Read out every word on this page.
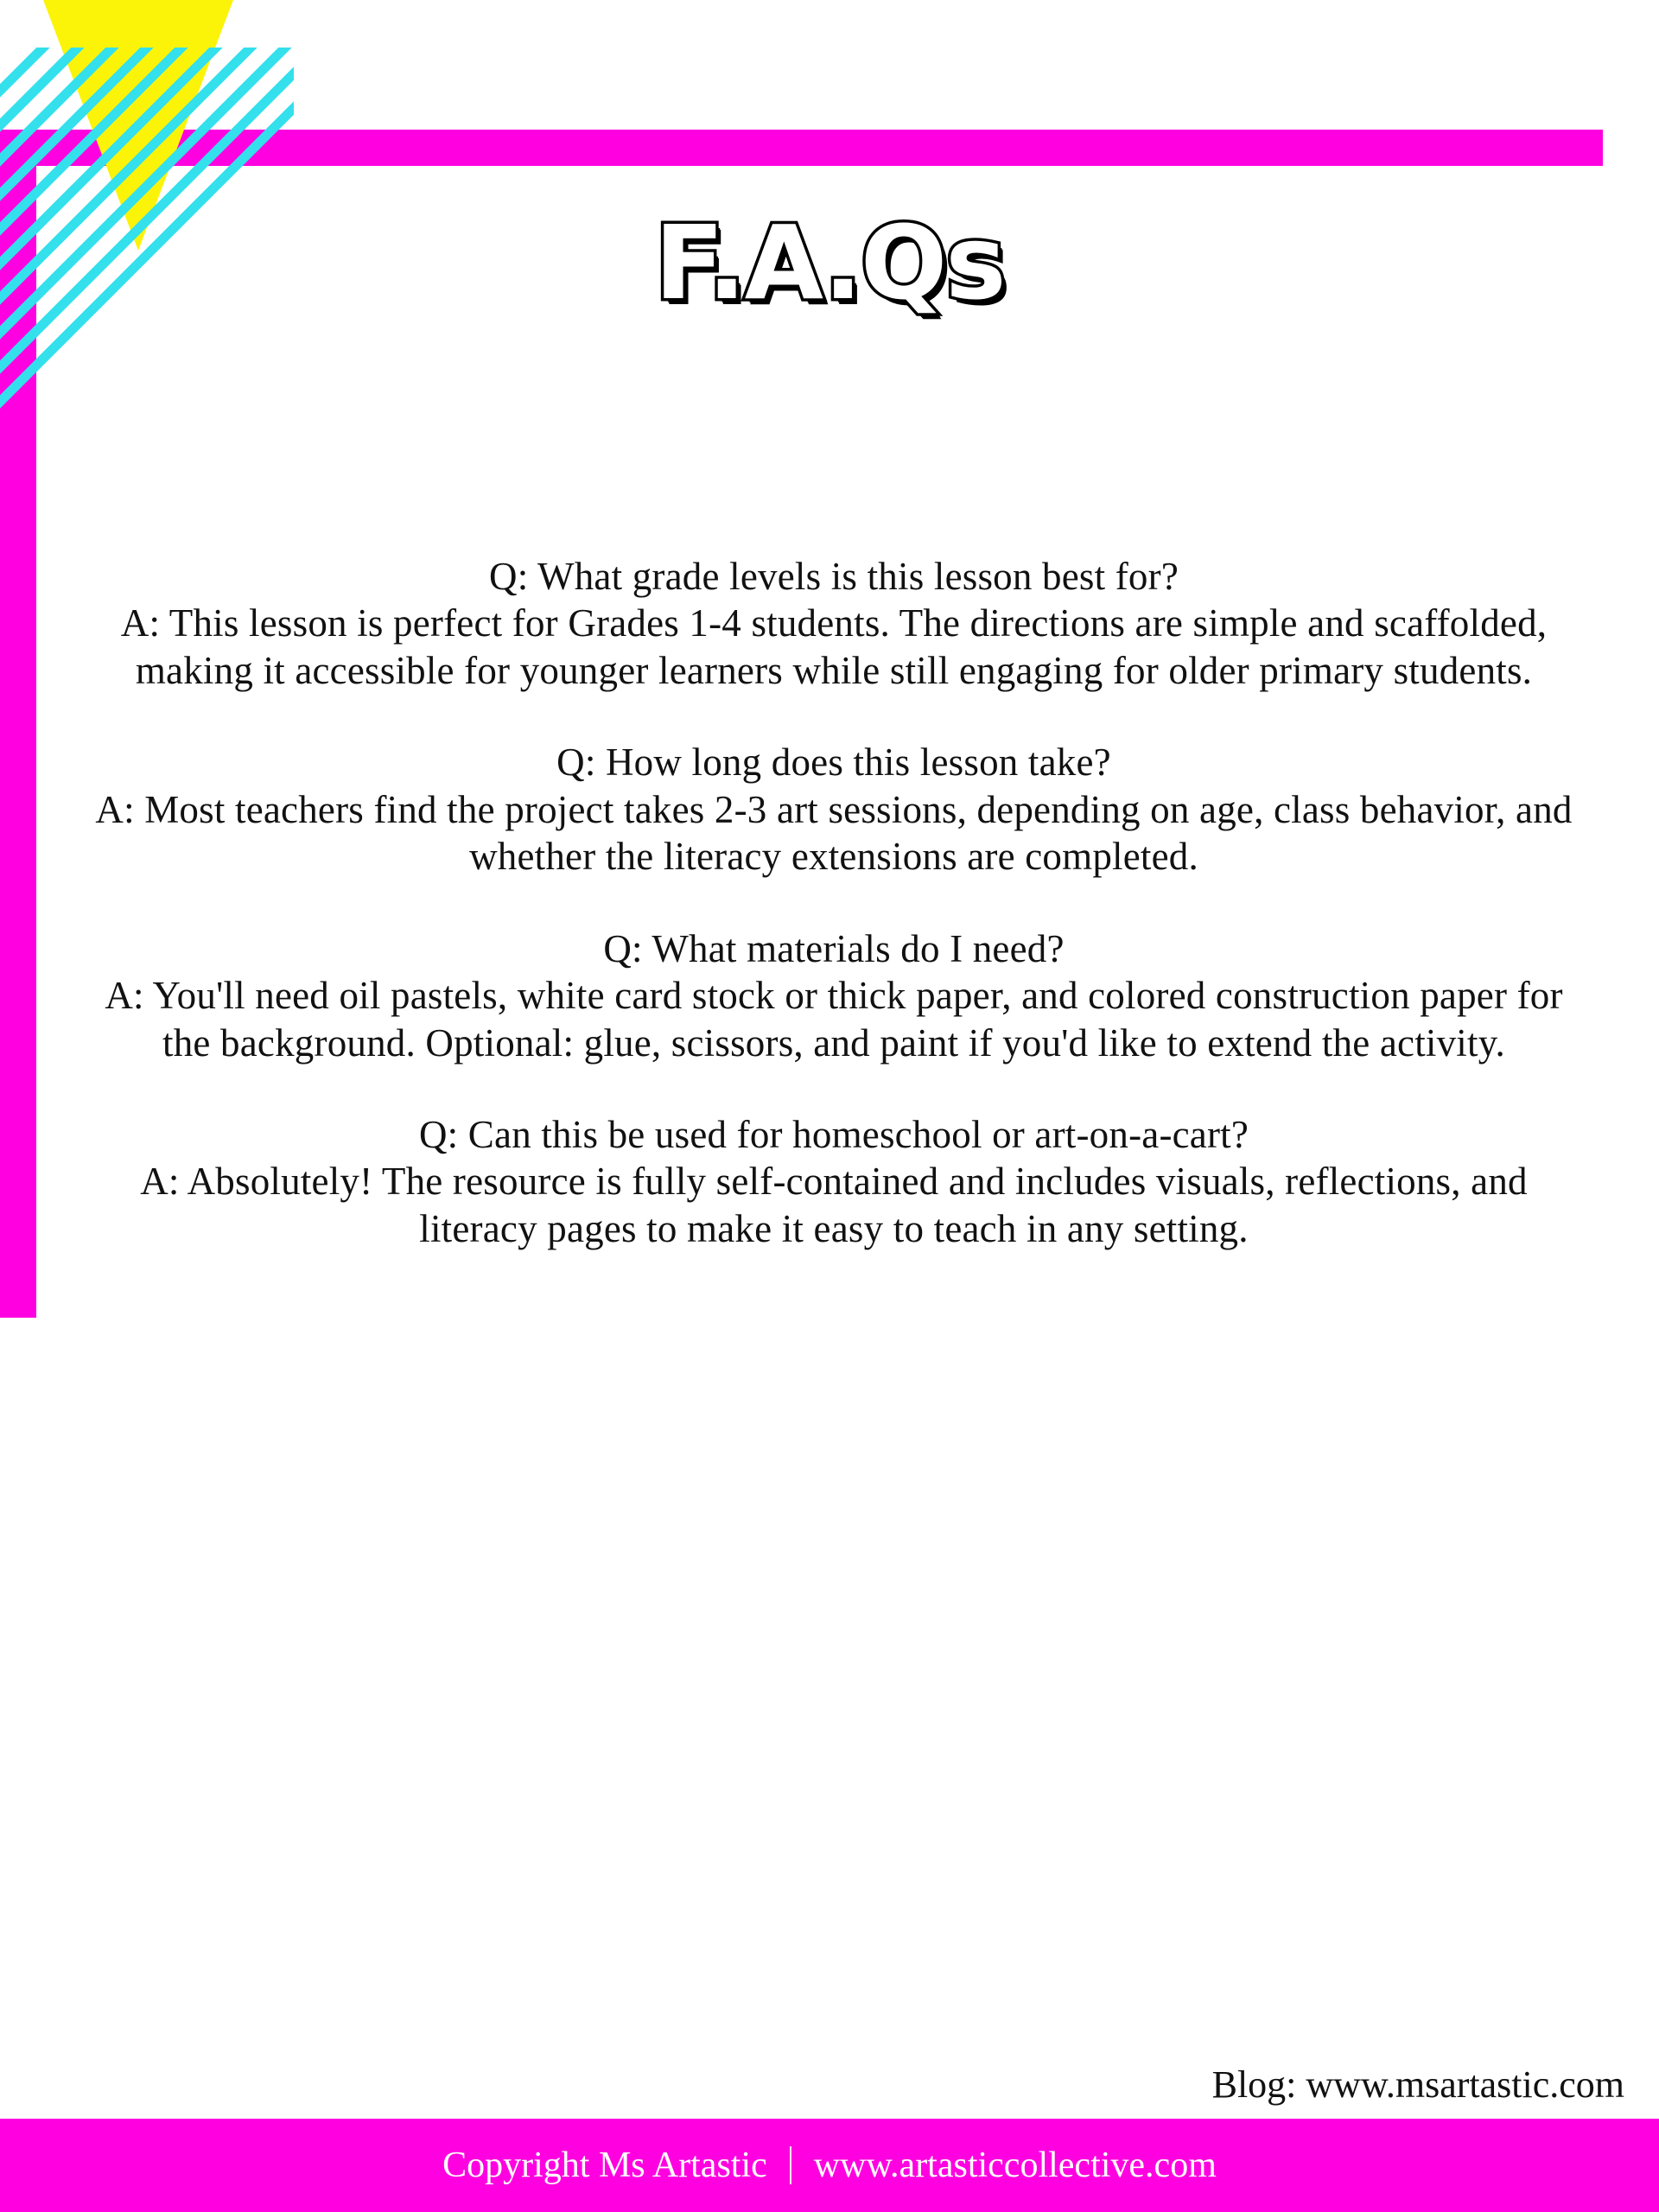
F.A.Qs

Q: What grade levels is this lesson best for?

A: This lesson is perfect for Grades 1-4 students. The directions are simple and scaffolded, making it accessible for younger learners while still engaging for older primary students.

Q: How long does this lesson take?

A: Most teachers find the project takes 2-3 art sessions, depending on age, class behavior, and whether the literacy extensions are completed.

Q: What materials do I need?

A: You'll need oil pastels, white card stock or thick paper, and colored construction paper for the background. Optional: glue, scissors, and paint if you'd like to extend the activity.

Q: Can this be used for homeschool or art-on-a-cart?

A: Absolutely! The resource is fully self-contained and includes visuals, reflections, and literacy pages to make it easy to teach in any setting.

Blog: www.msartastic.com
Copyright Ms Artastic www.artasticcollective.com
